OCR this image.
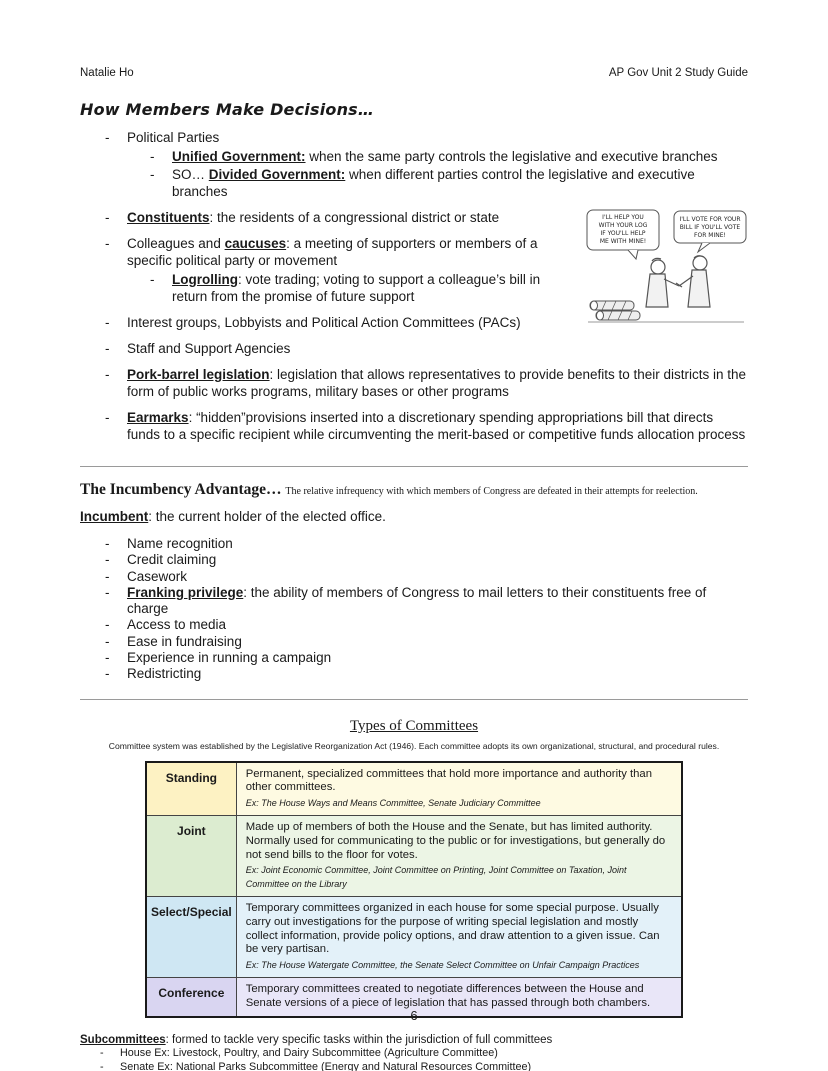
Natalie Ho	AP Gov Unit 2 Study Guide
How Members Make Decisions…
- Political Parties
- Unified Government: when the same party controls the legislative and executive branches
- SO… Divided Government: when different parties control the legislative and executive branches
I'LL HELP YOU
WITH YOUR LOG
IF YOU'LL HELP
ME WITH MINE!
I'LL VOTE FOR YOUR
BILL IF YOU'LL VOTE
FOR MINE!
- Constituents: the residents of a congressional district or state
- Colleagues and caucuses: a meeting of supporters or members of a specific political party or movement
- Logrolling: vote trading; voting to support a colleague’s bill in return from the promise of future support
- Interest groups, Lobbyists and Political Action Committees (PACs)
- Staff and Support Agencies
- Pork-barrel legislation: legislation that allows representatives to provide benefits to their districts in the form of public works programs, military bases or other programs
- Earmarks: “hidden”provisions inserted into a discretionary spending appropriations bill that directs funds to a specific recipient while circumventing the merit-based or competitive funds allocation process
The Incumbency Advantage… The relative infrequency with which members of Congress are defeated in their attempts for reelection.

Incumbent: the current holder of the elected office.

- Name recognition
- Credit claiming
- Casework
- Franking privilege: the ability of members of Congress to mail letters to their constituents free of charge
- Access to media
- Ease in fundraising
- Experience in running a campaign
- Redistricting
Types of Committees
Committee system was established by the Legislative Reorganization Act (1946). Each committee adopts its own organizational, structural, and procedural rules.
Standing	Permanent, specialized committees that hold more importance and authority than other committees.
Ex: The House Ways and Means Committee, Senate Judiciary Committee

Joint	Made up of members of both the House and the Senate, but has limited authority. Normally used for communicating to the public or for investigations, but generally do not send bills to the floor for votes.
Ex: Joint Economic Committee, Joint Committee on Printing, Joint Committee on Taxation, Joint Committee on the Library

Select/Special	Temporary committees organized in each house for some special purpose. Usually carry out investigations for the purpose of writing special legislation and mostly collect information, provide policy options, and draw attention to a given issue. Can be very partisan.
Ex: The House Watergate Committee, the Senate Select Committee on Unfair Campaign Practices

Conference	Temporary committees created to negotiate differences between the House and Senate versions of a piece of legislation that has passed through both chambers.
Subcommittees: formed to tackle very specific tasks within the jurisdiction of full committees
- House Ex: Livestock, Poultry, and Dairy Subcommittee (Agriculture Committee)
- Senate Ex: National Parks Subcommittee (Energy and Natural Resources Committee)
6
